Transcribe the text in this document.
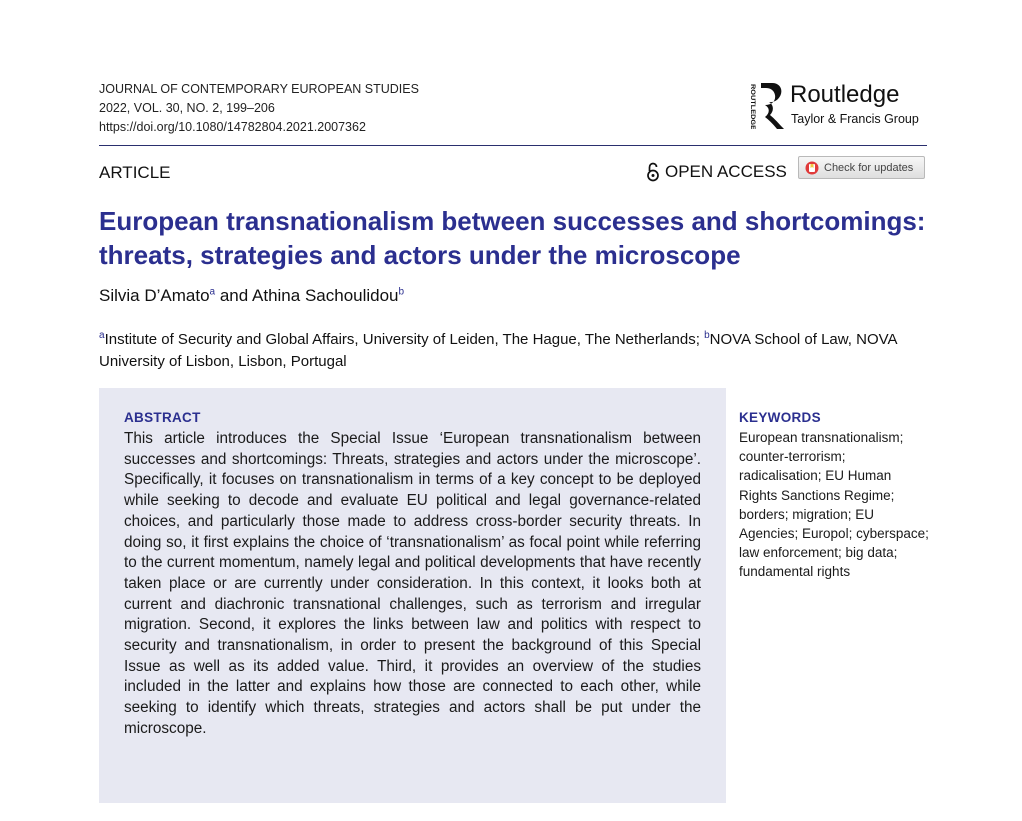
JOURNAL OF CONTEMPORARY EUROPEAN STUDIES
2022, VOL. 30, NO. 2, 199–206
https://doi.org/10.1080/14782804.2021.2007362
ROUTLEDGE Routledge
Taylor & Francis Group
ARTICLE	OPEN ACCESS	Check for updates
European transnationalism between successes and shortcomings:
threats, strategies and actors under the microscope
Silvia D’Amato$^a$ and Athina Sachoulidou$^b$
$^a$Institute of Security and Global Affairs, University of Leiden, The Hague, The Netherlands; $^b$NOVA School of Law, NOVA University of Lisbon, Lisbon, Portugal
ABSTRACT
This article introduces the Special Issue ‘European transnationalism between successes and shortcomings: Threats, strategies and actors under the microscope’. Specifically, it focuses on transnationalism in terms of a key concept to be deployed while seeking to decode and evaluate EU political and legal governance-related choices, and particularly those made to address cross-border security threats. In doing so, it first explains the choice of ‘transnationalism’ as focal point while referring to the current momentum, namely legal and political developments that have recently taken place or are currently under consideration. In this context, it looks both at current and diachronic transnational challenges, such as terrorism and irregular migration. Second, it explores the links between law and politics with respect to security and transnationalism, in order to present the background of this Special Issue as well as its added value. Third, it provides an overview of the studies included in the latter and explains how those are connected to each other, while seeking to identify which threats, strategies and actors shall be put under the microscope.
KEYWORDS
European transnationalism; counter-terrorism; radicalisation; EU Human Rights Sanctions Regime; borders; migration; EU Agencies; Europol; cyberspace; law enforcement; big data; fundamental rights
